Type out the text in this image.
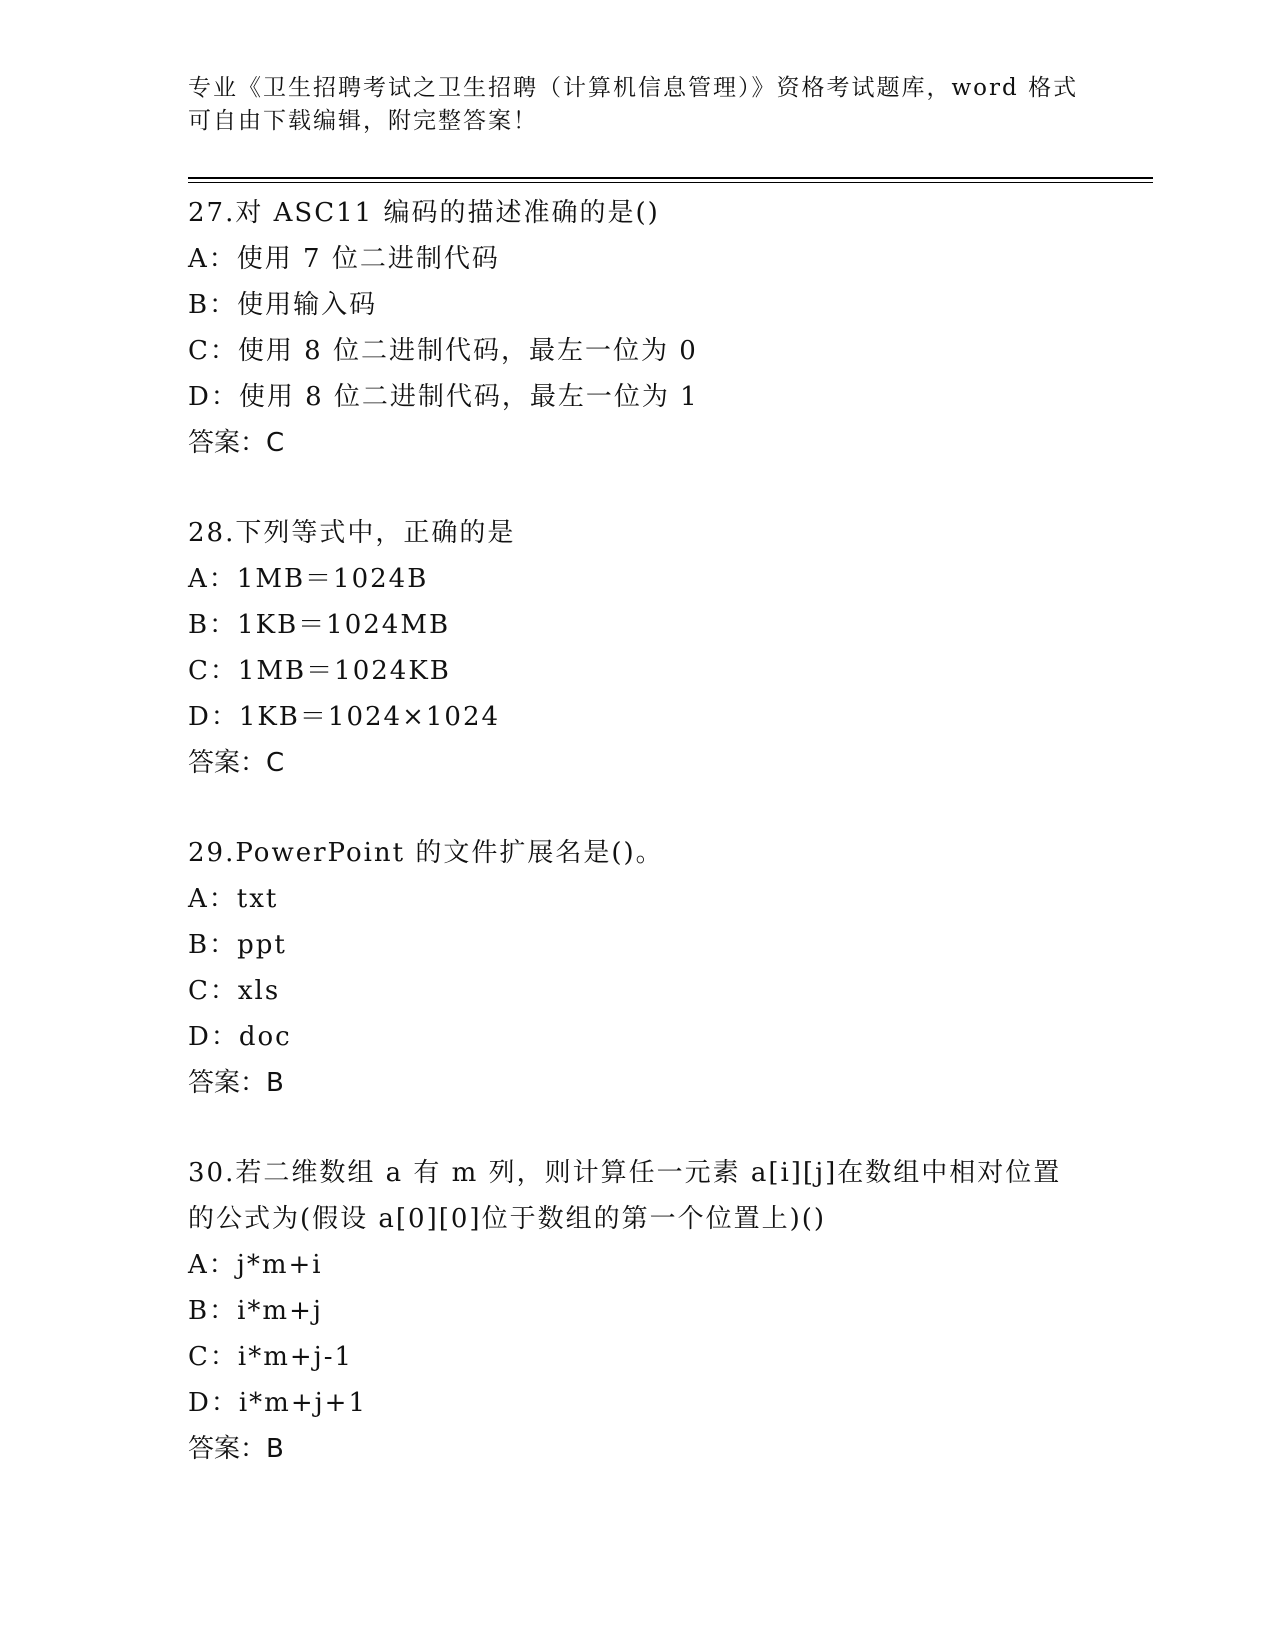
专业《卫生招聘考试之卫生招聘（计算机信息管理）》资格考试题库，word 格式
可自由下载编辑，附完整答案！
27.对 ASC11 编码的描述准确的是()
A：使用 7 位二进制代码
B：使用输入码
C：使用 8 位二进制代码，最左一位为 0
D：使用 8 位二进制代码，最左一位为 1
答案：C
28.下列等式中，正确的是
A：1MB＝1024B
B：1KB＝1024MB
C：1MB＝1024KB
D：1KB＝1024×1024
答案：C
29.PowerPoint 的文件扩展名是()。
A：txt
B：ppt
C：xls
D：doc
答案：B
30.若二维数组 a 有 m 列，则计算任一元素 a[i][j]在数组中相对位置的公式为(假设 a[0][0]位于数组的第一个位置上)()
A：j*m+i
B：i*m+j
C：i*m+j-1
D：i*m+j+1
答案：B
